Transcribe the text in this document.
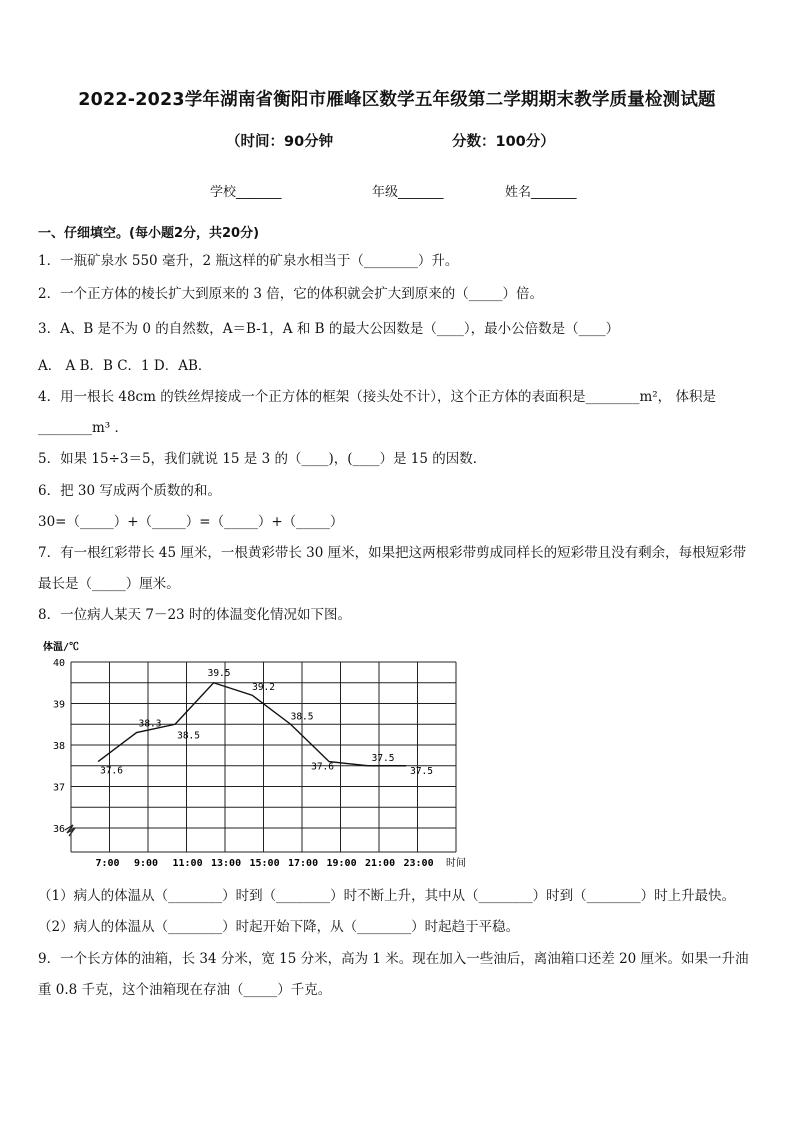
2022-2023学年湖南省衡阳市雁峰区数学五年级第二学期期末教学质量检测试题
（时间：90分钟	分数：100分）
学校_______	年级_______	姓名_______
一、仔细填空。(每小题2分，共20分)
1．一瓶矿泉水 550 毫升，2 瓶这样的矿泉水相当于（________）升。
2．一个正方体的棱长扩大到原来的 3 倍，它的体积就会扩大到原来的（_____）倍。
3．A、B 是不为 0 的自然数，A＝B-1，A 和 B 的最大公因数是（____），最小公倍数是（____）
A． A B．B C．1 D．AB．
4．用一根长 48cm 的铁丝焊接成一个正方体的框架（接头处不计），这个正方体的表面积是________m²， 体积是
________m³ ．
5．如果 15÷3＝5，我们就说 15 是 3 的（____)，(____）是 15 的因数．
6．把 30 写成两个质数的和。
30=（_____）+（_____）=（_____）+（_____）
7．有一根红彩带长 45 厘米，一根黄彩带长 30 厘米，如果把这两根彩带剪成同样长的短彩带且没有剩余，每根短彩带
最长是（_____）厘米。
8．一位病人某天 7－23 时的体温变化情况如下图。
体温/℃
40
39
38
37
36
7:00 9:00 11:00 13:00 15:00 17:00 19:00 21:00 23:00 时间
37.6
38.3
38.5
39.5
39.2
38.5
37.6
37.5
37.5
（1）病人的体温从（________）时到（________）时不断上升，其中从（________）时到（________）时上升最快。
（2）病人的体温从（________）时起开始下降，从（________）时起趋于平稳。
9．一个长方体的油箱，长 34 分米，宽 15 分米，高为 1 米。现在加入一些油后，离油箱口还差 20 厘米。如果一升油
重 0.8 千克，这个油箱现在存油（_____）千克。
